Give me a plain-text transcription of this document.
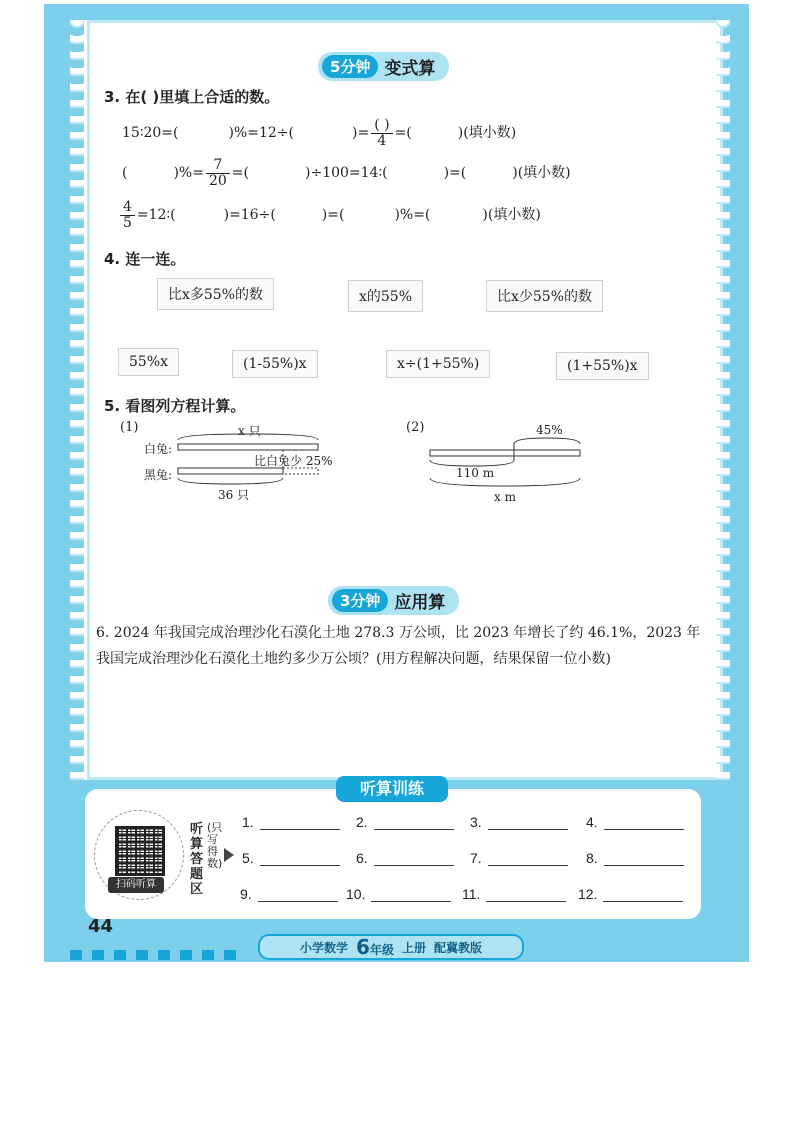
5分钟 变式算
3. 在( )里填上合适的数。
15∶20=(	)%=12÷(	)= $\frac{( )}{4}$ =(	)(填小数)
(	)%= $\frac{7}{20}$ =(	)÷100=14∶(	)=(	)(填小数)
$\frac{4}{5}$ =12∶(	)=16÷(	)=(	)%=(	)(填小数)
4. 连一连。
比x多55%的数	x的55%	比x少55%的数
55%x	(1-55%)x	x÷(1+55%)	(1+55%)x
5. 看图列方程计算。
(1)
白兔:
黑兔:
x 只
比白兔少 25%
36 只
(2)	45%
110 m
x m
3分钟 应用算
6. 2024 年我国完成治理沙化石漠化土地 278.3 万公顷，比 2023 年增长了约 46.1%，2023 年我国完成治理沙化石漠化土地约多少万公顷？(用方程解决问题，结果保留一位小数)
听算训练
扫码听算
听算答题区
(只写得数)
1.	2.	3.	4.
5.	6.	7.	8.
9.	10.	11.	12.
44
小学数学 6年级 上册 配冀教版
